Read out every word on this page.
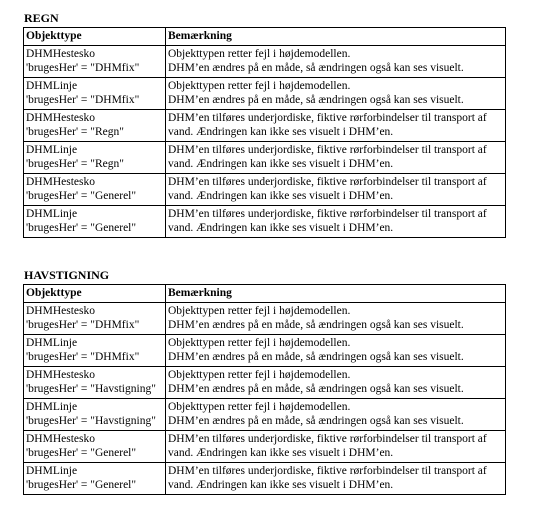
REGN
Objekttype	Bemærkning

DHMHestesko
'brugesHer' = "DHMfix"	Objekttypen retter fejl i højdemodellen.
DHM’en ændres på en måde, så ændringen også kan ses visuelt.

DHMLinje
'brugesHer' = "DHMfix"	Objekttypen retter fejl i højdemodellen.
DHM’en ændres på en måde, så ændringen også kan ses visuelt.

DHMHestesko
'brugesHer' = "Regn"	DHM’en tilføres underjordiske, fiktive rørforbindelser til transport af
vand. Ændringen kan ikke ses visuelt i DHM’en.

DHMLinje
'brugesHer' = "Regn"	DHM’en tilføres underjordiske, fiktive rørforbindelser til transport af
vand. Ændringen kan ikke ses visuelt i DHM’en.

DHMHestesko
'brugesHer' = "Generel"	DHM’en tilføres underjordiske, fiktive rørforbindelser til transport af
vand. Ændringen kan ikke ses visuelt i DHM’en.

DHMLinje
'brugesHer' = "Generel"	DHM’en tilføres underjordiske, fiktive rørforbindelser til transport af
vand. Ændringen kan ikke ses visuelt i DHM’en.
HAVSTIGNING
Objekttype	Bemærkning

DHMHestesko
'brugesHer' = "DHMfix"	Objekttypen retter fejl i højdemodellen.
DHM’en ændres på en måde, så ændringen også kan ses visuelt.

DHMLinje
'brugesHer' = "DHMfix"	Objekttypen retter fejl i højdemodellen.
DHM’en ændres på en måde, så ændringen også kan ses visuelt.

DHMHestesko
'brugesHer' = "Havstigning"	Objekttypen retter fejl i højdemodellen.
DHM’en ændres på en måde, så ændringen også kan ses visuelt.

DHMLinje
'brugesHer' = "Havstigning"	Objekttypen retter fejl i højdemodellen.
DHM’en ændres på en måde, så ændringen også kan ses visuelt.

DHMHestesko
'brugesHer' = "Generel"	DHM’en tilføres underjordiske, fiktive rørforbindelser til transport af
vand. Ændringen kan ikke ses visuelt i DHM’en.

DHMLinje
'brugesHer' = "Generel"	DHM’en tilføres underjordiske, fiktive rørforbindelser til transport af
vand. Ændringen kan ikke ses visuelt i DHM’en.
